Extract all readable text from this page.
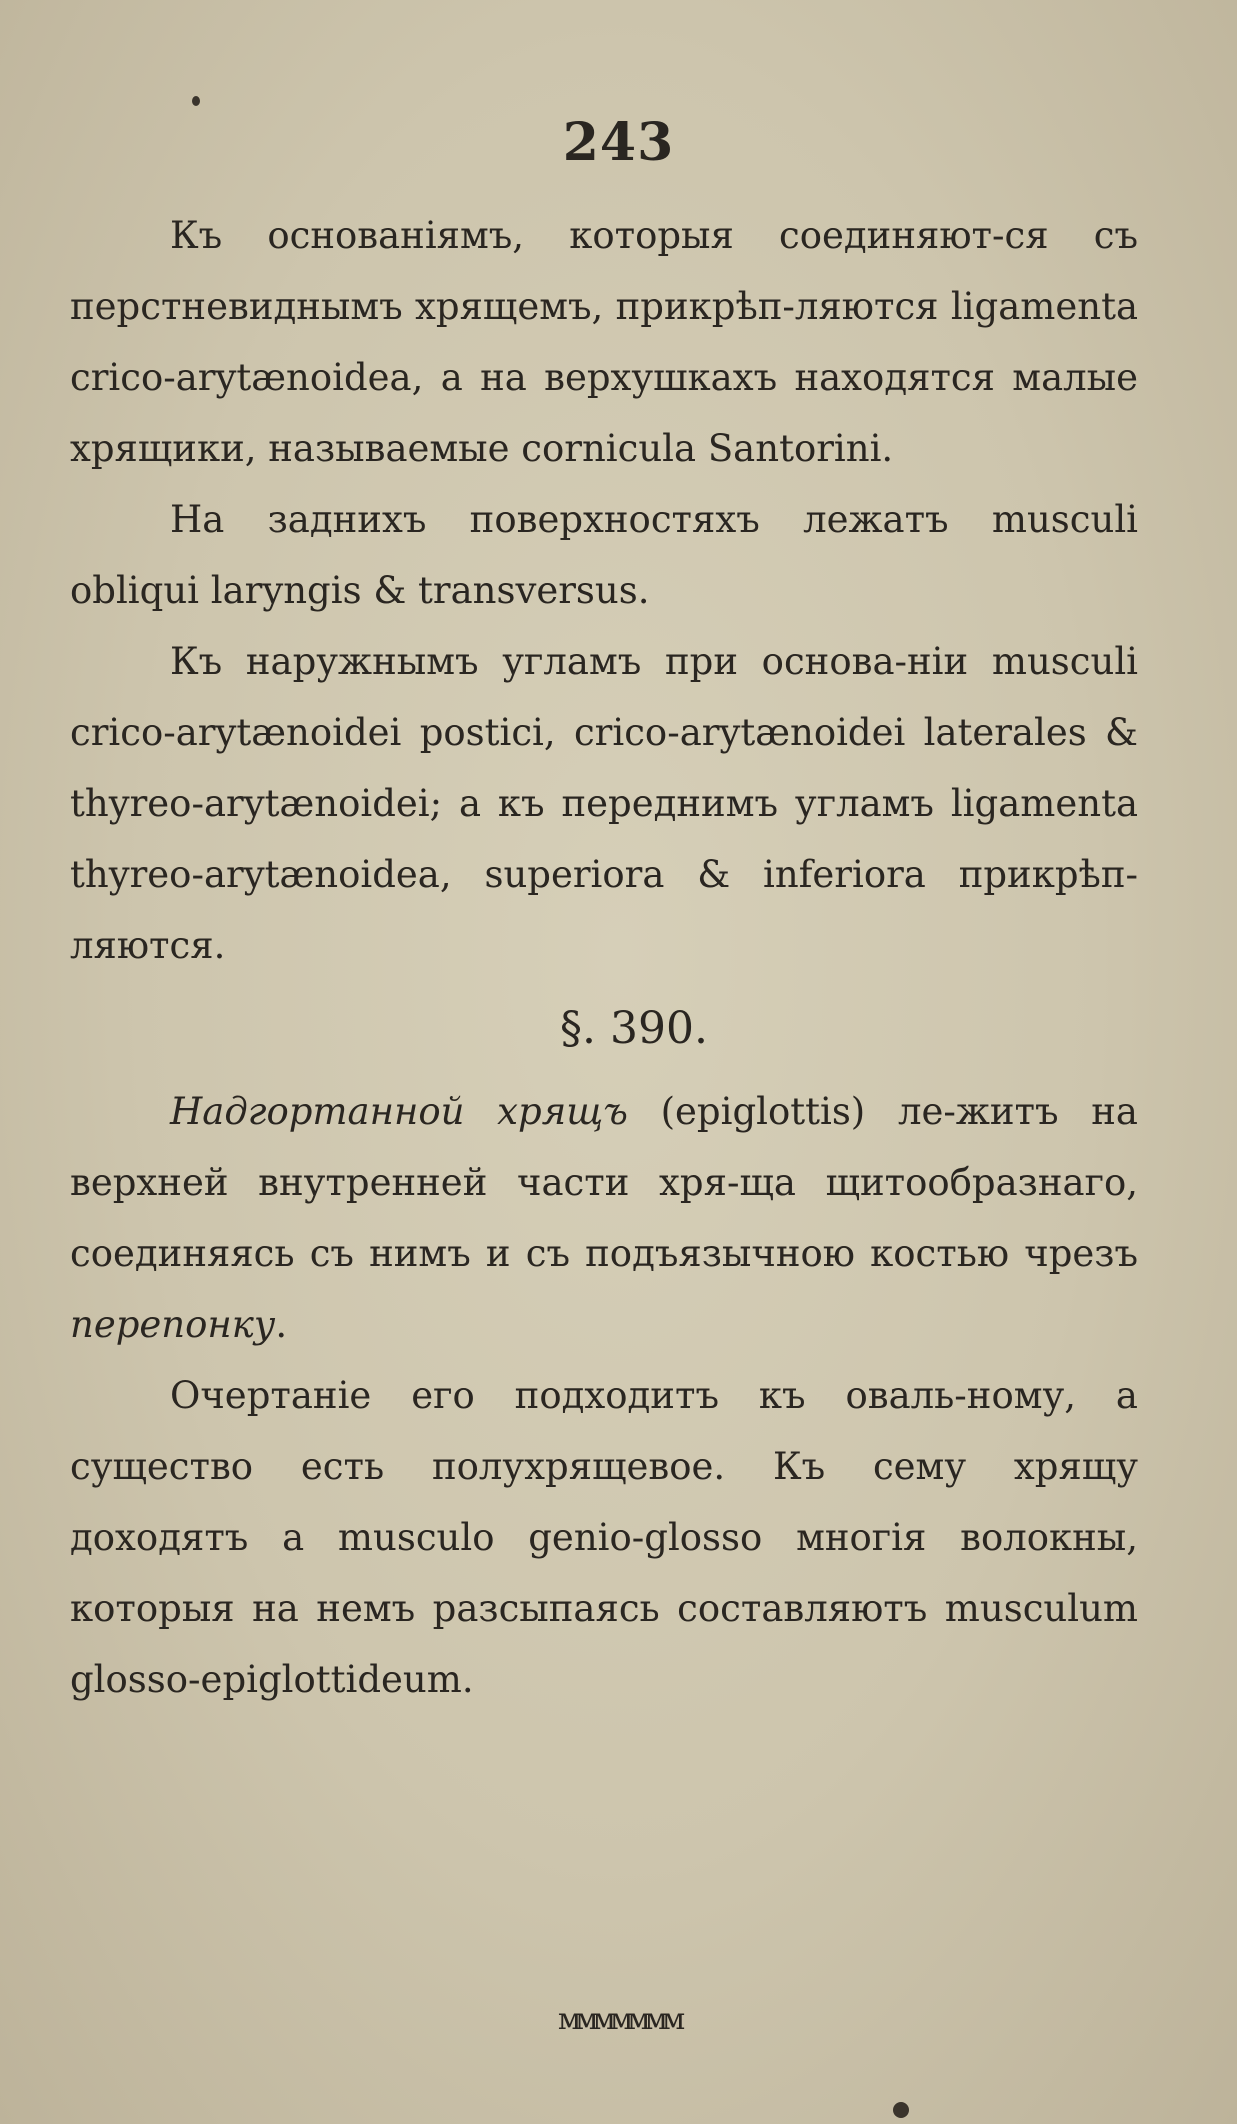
243

Къ основаніямъ, которыя соединяют-ся съ перстневиднымъ хрящемъ, прикрѣп-ляются ligamenta crico-arytænoidea, а на верхушкахъ находятся малые хрящики, называемые cornicula Santorini.

На заднихъ поверхностяхъ лежатъ musculi obliqui laryngis & transversus.

Къ наружнымъ угламъ при основа-ніи musculi crico-arytænoidei postici, crico-arytænoidei laterales & thyreo-arytænoidei; а къ переднимъ угламъ ligamenta thyreo-arytænoidea, superiora & inferiora прикрѣп-ляются.

§. 390.

Надгортанной хрящъ (epiglottis) ле-житъ на верхней внутренней части хря-ща щитообразнаго, соединяясь съ нимъ и съ подъязычною костью чрезъ перепонку.

Очертаніе его подходитъ къ оваль-ному, а существо есть полухрящевое. Къ сему хрящу доходятъ а musculo genio-glosso многія волокны, которыя на немъ разсыпаясь составляютъ musculum glosso-epiglottideum.

ммммммм
